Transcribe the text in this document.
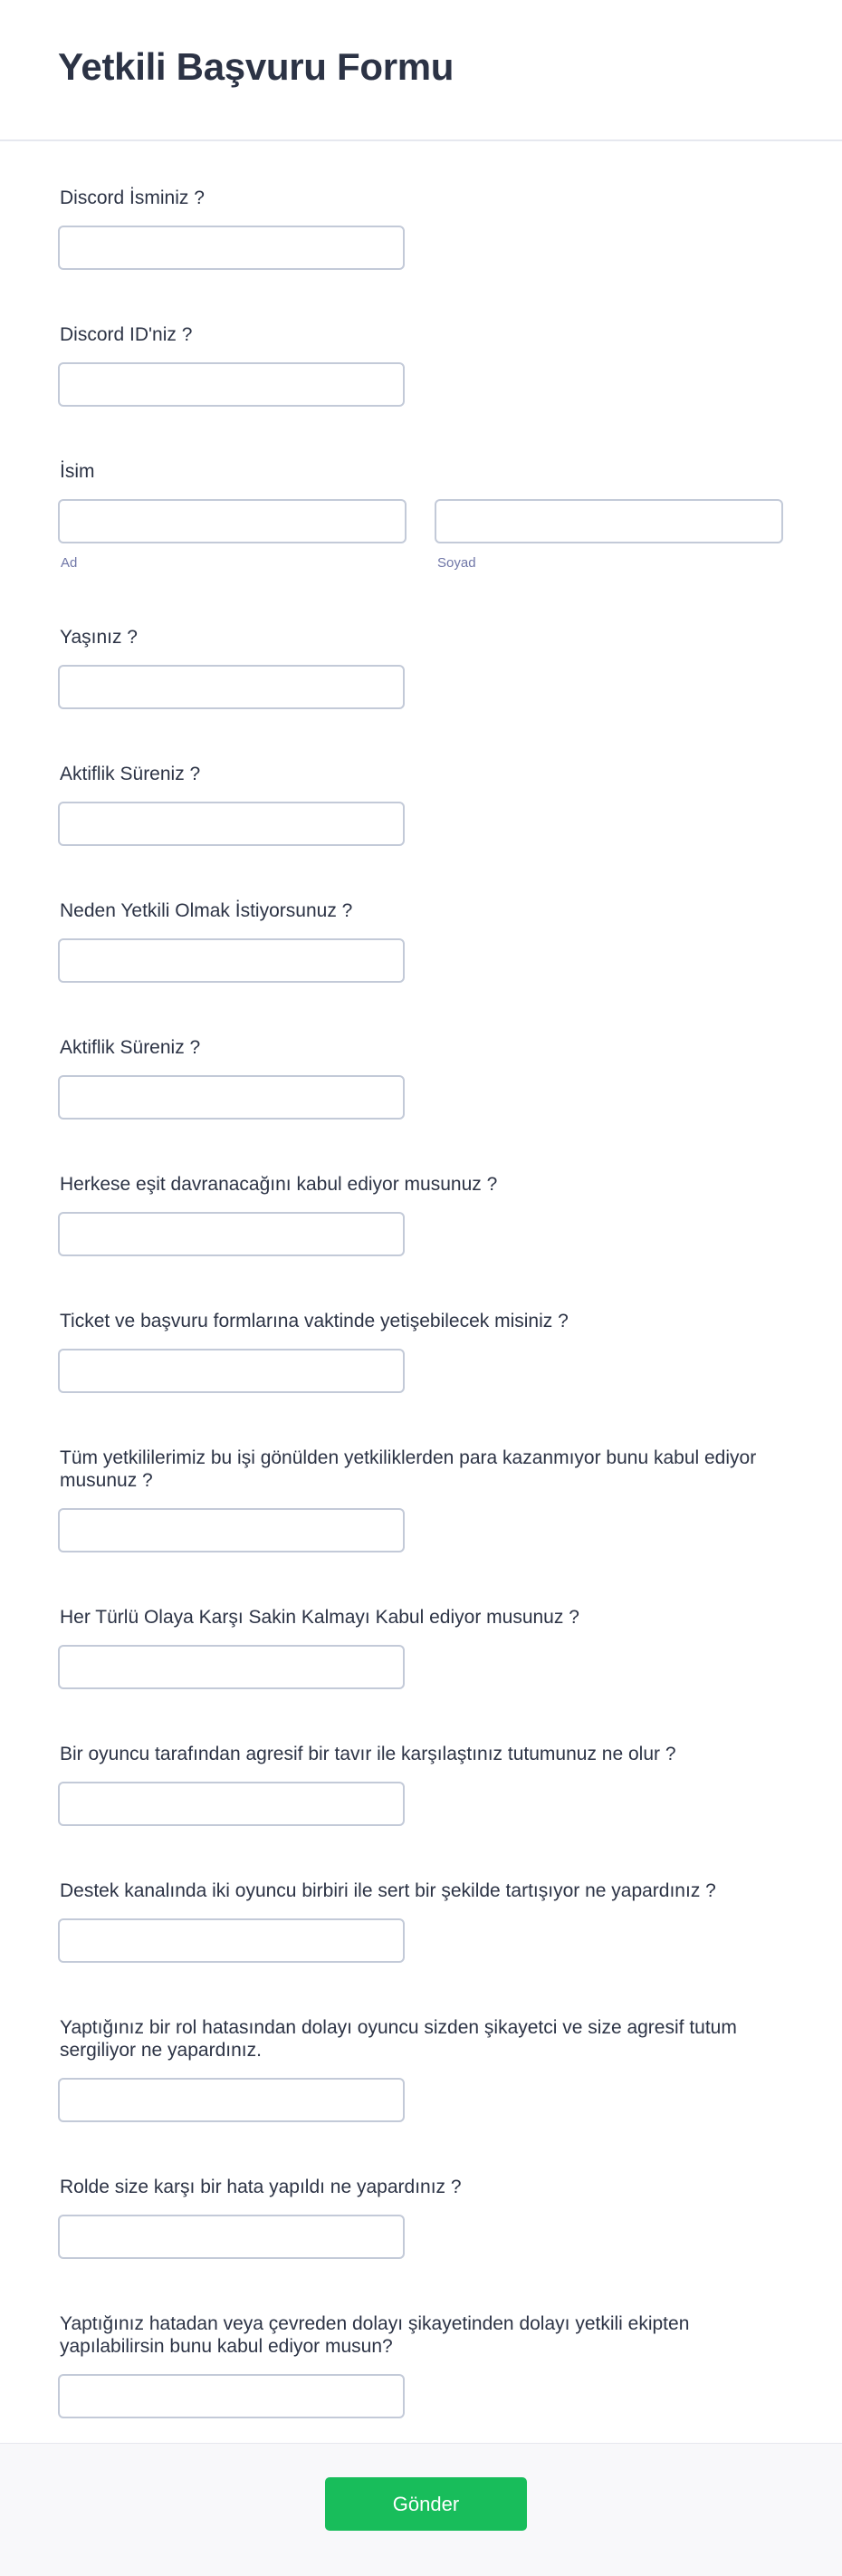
Yetkili Başvuru Formu
Discord İsminiz ?
Discord ID'niz ?
İsim
Ad	Soyad
Yaşınız ?
Aktiflik Süreniz ?
Neden Yetkili Olmak İstiyorsunuz ?
Aktiflik Süreniz ?
Herkese eşit davranacağını kabul ediyor musunuz ?
Ticket ve başvuru formlarına vaktinde yetişebilecek misiniz ?
Tüm yetkililerimiz bu işi gönülden yetkiliklerden para kazanmıyor bunu kabul ediyor musunuz ?
Her Türlü Olaya Karşı Sakin Kalmayı Kabul ediyor musunuz ?
Bir oyuncu tarafından agresif bir tavır ile karşılaştınız tutumunuz ne olur ?
Destek kanalında iki oyuncu birbiri ile sert bir şekilde tartışıyor ne yapardınız ?
Yaptığınız bir rol hatasından dolayı oyuncu sizden şikayetci ve size agresif tutum sergiliyor ne yapardınız.
Rolde size karşı bir hata yapıldı ne yapardınız ?
Yaptığınız hatadan veya çevreden dolayı şikayetinden dolayı yetkili ekipten yapılabilirsin bunu kabul ediyor musun?
Gönder
